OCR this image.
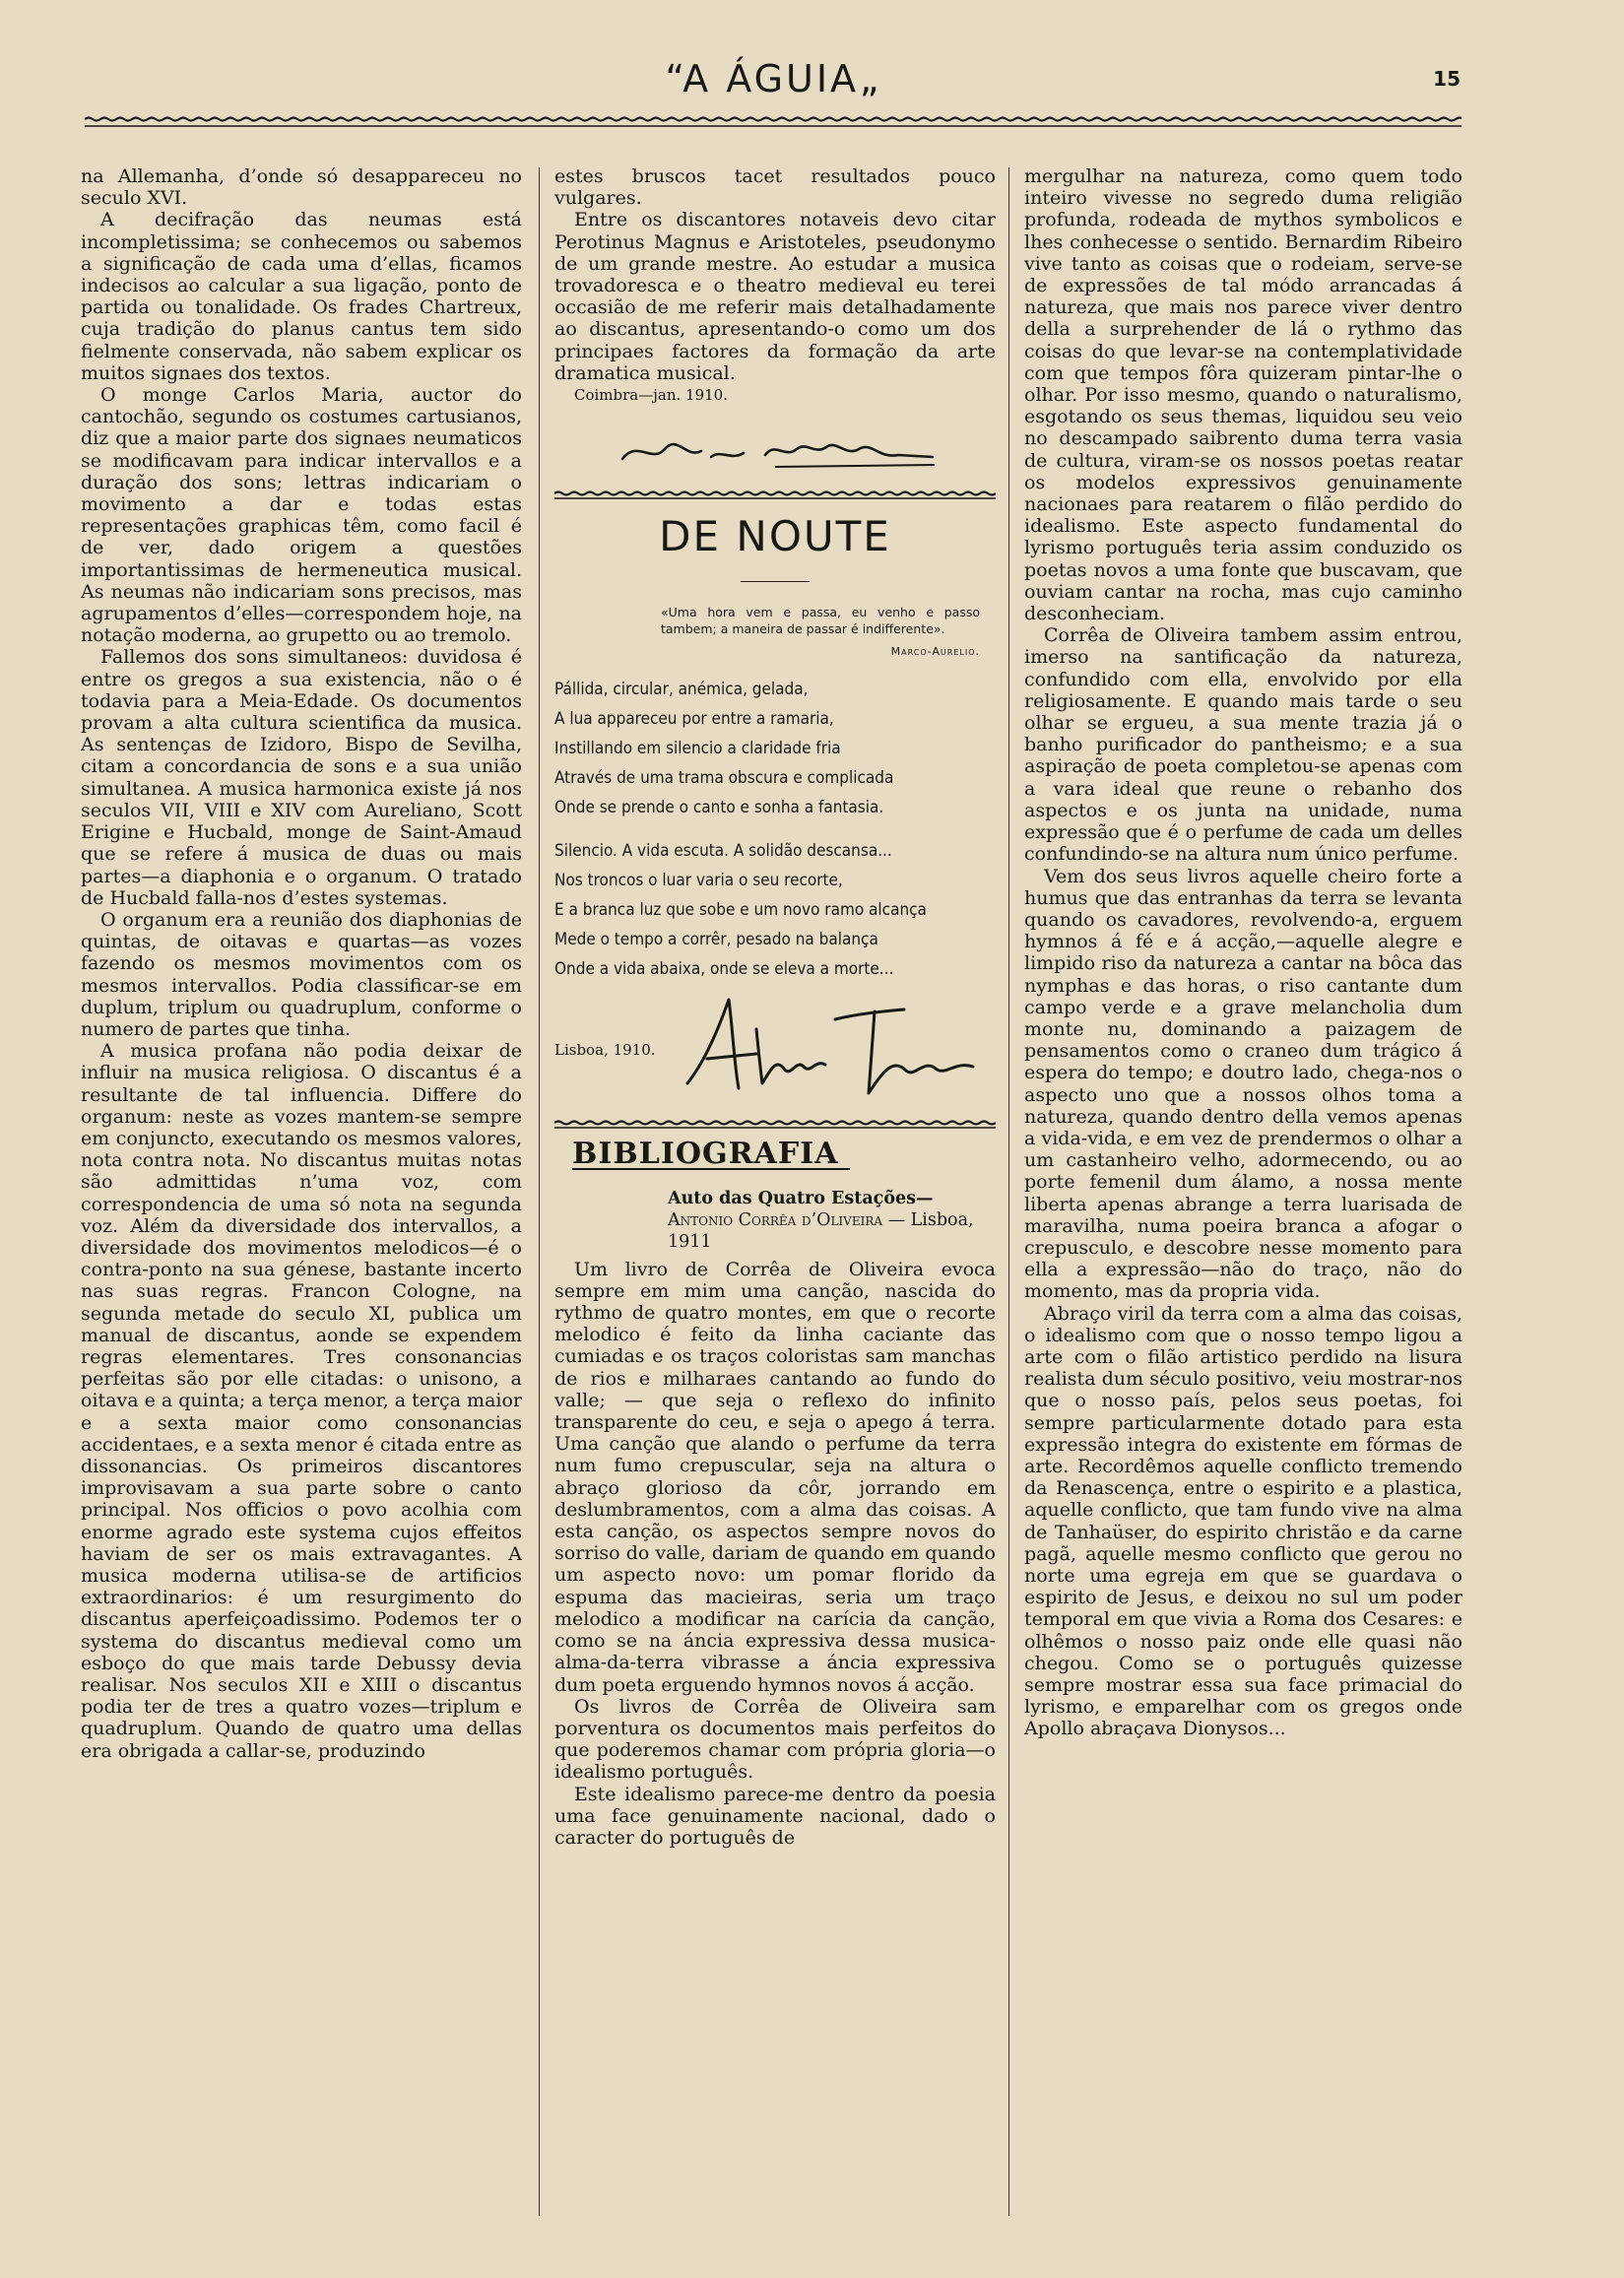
“A ÁGUIA„	15

na Allemanha, d’onde só desappareceu no seculo XVI.

A decifração das neumas está incompletissima; se conhecemos ou sabemos a significação de cada uma d’ellas, ficamos indecisos ao calcular a sua ligação, ponto de partida ou tonalidade. Os frades Chartreux, cuja tradição do planus cantus tem sido fielmente conservada, não sabem explicar os muitos signaes dos textos.

O monge Carlos Maria, auctor do cantochão, segundo os costumes cartusianos, diz que a maior parte dos signaes neumaticos se modificavam para indicar intervallos e a duração dos sons; lettras indicariam o movimento a dar e todas estas representações graphicas têm, como facil é de ver, dado origem a questões importantissimas de hermeneutica musical. As neumas não indicariam sons precisos, mas agrupamentos d’elles—correspondem hoje, na notação moderna, ao grupetto ou ao tremolo.

Fallemos dos sons simultaneos: duvidosa é entre os gregos a sua existencia, não o é todavia para a Meia-Edade. Os documentos provam a alta cultura scientifica da musica. As sentenças de Izidoro, Bispo de Sevilha, citam a concordancia de sons e a sua união simultanea. A musica harmonica existe já nos seculos VII, VIII e XIV com Aureliano, Scott Erigine e Hucbald, monge de Saint-Amaud que se refere á musica de duas ou mais partes—a diaphonia e o organum. O tratado de Hucbald falla-nos d’estes systemas.

O organum era a reunião dos diaphonias de quintas, de oitavas e quartas—as vozes fazendo os mesmos movimentos com os mesmos intervallos. Podia classificar-se em duplum, triplum ou quadruplum, conforme o numero de partes que tinha.

A musica profana não podia deixar de influir na musica religiosa. O discantus é a resultante de tal influencia. Differe do organum: neste as vozes mantem-se sempre em conjuncto, executando os mesmos valores, nota contra nota. No discantus muitas notas são admittidas n’uma voz, com correspondencia de uma só nota na segunda voz. Além da diversidade dos intervallos, a diversidade dos movimentos melodicos—é o contra-ponto na sua génese, bastante incerto nas suas regras. Francon Cologne, na segunda metade do seculo XI, publica um manual de discantus, aonde se expendem regras elementares. Tres consonancias perfeitas são por elle citadas: o unisono, a oitava e a quinta; a terça menor, a terça maior e a sexta maior como consonancias accidentaes, e a sexta menor é citada entre as dissonancias. Os primeiros discantores improvisavam a sua parte sobre o canto principal. Nos officios o povo acolhia com enorme agrado este systema cujos effeitos haviam de ser os mais extravagantes. A musica moderna utilisa-se de artificios extraordinarios: é um resurgimento do discantus aperfeiçoadissimo. Podemos ter o systema do discantus medieval como um esboço do que mais tarde Debussy devia realisar. Nos seculos XII e XIII o discantus podia ter de tres a quatro vozes—triplum e quadruplum. Quando de quatro uma dellas era obrigada a callar-se, produzindo

estes bruscos tacet resultados pouco vulgares.

Entre os discantores notaveis devo citar Perotinus Magnus e Aristoteles, pseudonymo de um grande mestre. Ao estudar a musica trovadoresca e o theatro medieval eu terei occasião de me referir mais detalhadamente ao discantus, apresentando-o como um dos principaes factores da formação da arte dramatica musical.

Coimbra—jan. 1910.

DE NOUTE
«Uma hora vem e passa, eu venho e passo tambem; a maneira de passar é indifferente».
Marco-Aurelio.
Pállida, circular, anémica, gelada,
A lua appareceu por entre a ramaria,
Instillando em silencio a claridade fria
Através de uma trama obscura e complicada
Onde se prende o canto e sonha a fantasia.
Silencio. A vida escuta. A solidão descansa...
Nos troncos o luar varia o seu recorte,
E a branca luz que sobe e um novo ramo alcança
Mede o tempo a corrêr, pesado na balança
Onde a vida abaixa, onde se eleva a morte...
Lisboa, 1910.
BIBLIOGRAFIA
Auto das Quatro Estações— Antonio Corrêa d’Oliveira — Lisboa, 1911

Um livro de Corrêa de Oliveira evoca sempre em mim uma canção, nascida do rythmo de quatro montes, em que o recorte melodico é feito da linha caciante das cumiadas e os traços coloristas sam manchas de rios e milharaes cantando ao fundo do valle; — que seja o reflexo do infinito transparente do ceu, e seja o apego á terra. Uma canção que alando o perfume da terra num fumo crepuscular, seja na altura o abraço glorioso da côr, jorrando em deslumbramentos, com a alma das coisas. A esta canção, os aspectos sempre novos do sorriso do valle, dariam de quando em quando um aspecto novo: um pomar florido da espuma das macieiras, seria um traço melodico a modificar na carícia da canção, como se na áncia expressiva dessa musica-alma-da-terra vibrasse a áncia expressiva dum poeta erguendo hymnos novos á acção.

Os livros de Corrêa de Oliveira sam porventura os documentos mais perfeitos do que poderemos chamar com própria gloria—o idealismo português.

Este idealismo parece-me dentro da poesia uma face genuinamente nacional, dado o caracter do português de

mergulhar na natureza, como quem todo inteiro vivesse no segredo duma religião profunda, rodeada de mythos symbolicos e lhes conhecesse o sentido. Bernardim Ribeiro vive tanto as coisas que o rodeiam, serve-se de expressões de tal módo arrancadas á natureza, que mais nos parece viver dentro della a surprehender de lá o rythmo das coisas do que levar-se na contemplatividade com que tempos fôra quizeram pintar-lhe o olhar. Por isso mesmo, quando o naturalismo, esgotando os seus themas, liquidou seu veio no descampado saibrento duma terra vasia de cultura, viram-se os nossos poetas reatar os modelos expressivos genuinamente nacionaes para reatarem o filão perdido do idealismo. Este aspecto fundamental do lyrismo português teria assim conduzido os poetas novos a uma fonte que buscavam, que ouviam cantar na rocha, mas cujo caminho desconheciam.

Corrêa de Oliveira tambem assim entrou, imerso na santificação da natureza, confundido com ella, envolvido por ella religiosamente. E quando mais tarde o seu olhar se ergueu, a sua mente trazia já o banho purificador do pantheismo; e a sua aspiração de poeta completou-se apenas com a vara ideal que reune o rebanho dos aspectos e os junta na unidade, numa expressão que é o perfume de cada um delles confundindo-se na altura num único perfume.

Vem dos seus livros aquelle cheiro forte a humus que das entranhas da terra se levanta quando os cavadores, revolvendo-a, erguem hymnos á fé e á acção,—aquelle alegre e limpido riso da natureza a cantar na bôca das nymphas e das horas, o riso cantante dum campo verde e a grave melancholia dum monte nu, dominando a paizagem de pensamentos como o craneo dum trágico á espera do tempo; e doutro lado, chega-nos o aspecto uno que a nossos olhos toma a natureza, quando dentro della vemos apenas a vida-vida, e em vez de prendermos o olhar a um castanheiro velho, adormecendo, ou ao porte femenil dum álamo, a nossa mente liberta apenas abrange a terra luarisada de maravilha, numa poeira branca a afogar o crepusculo, e descobre nesse momento para ella a expressão—não do traço, não do momento, mas da propria vida.

Abraço viril da terra com a alma das coisas, o idealismo com que o nosso tempo ligou a arte com o filão artistico perdido na lisura realista dum século positivo, veiu mostrar-nos que o nosso país, pelos seus poetas, foi sempre particularmente dotado para esta expressão integra do existente em fórmas de arte. Recordêmos aquelle conflicto tremendo da Renascença, entre o espirito e a plastica, aquelle conflicto, que tam fundo vive na alma de Tanhaüser, do espirito christão e da carne pagã, aquelle mesmo conflicto que gerou no norte uma egreja em que se guardava o espirito de Jesus, e deixou no sul um poder temporal em que vivia a Roma dos Cesares: e olhêmos o nosso paiz onde elle quasi não chegou. Como se o português quizesse sempre mostrar essa sua face primacial do lyrismo, e emparelhar com os gregos onde Apollo abraçava Dionysos...
